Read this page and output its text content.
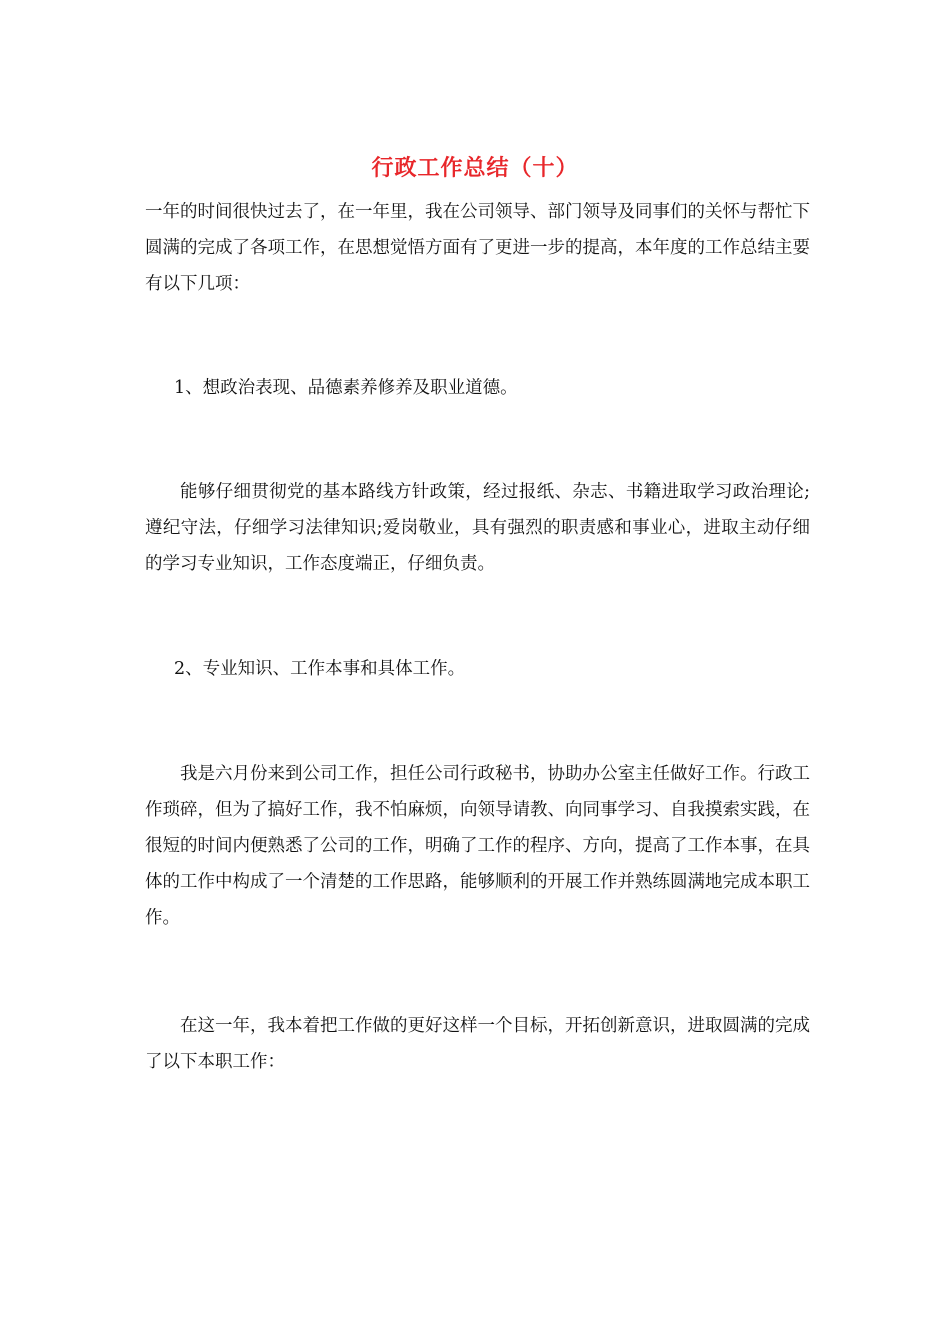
行政工作总结（十）

一年的时间很快过去了，在一年里，我在公司领导、部门领导及同事们的关怀与帮忙下圆满的完成了各项工作，在思想觉悟方面有了更进一步的提高，本年度的工作总结主要有以下几项：

1、想政治表现、品德素养修养及职业道德。

能够仔细贯彻党的基本路线方针政策，经过报纸、杂志、书籍进取学习政治理论;遵纪守法，仔细学习法律知识;爱岗敬业，具有强烈的职责感和事业心，进取主动仔细的学习专业知识，工作态度端正，仔细负责。

2、专业知识、工作本事和具体工作。

我是六月份来到公司工作，担任公司行政秘书，协助办公室主任做好工作。行政工作琐碎，但为了搞好工作，我不怕麻烦，向领导请教、向同事学习、自我摸索实践，在很短的时间内便熟悉了公司的工作，明确了工作的程序、方向，提高了工作本事，在具体的工作中构成了一个清楚的工作思路，能够顺利的开展工作并熟练圆满地完成本职工作。

在这一年，我本着把工作做的更好这样一个目标，开拓创新意识，进取圆满的完成了以下本职工作：
